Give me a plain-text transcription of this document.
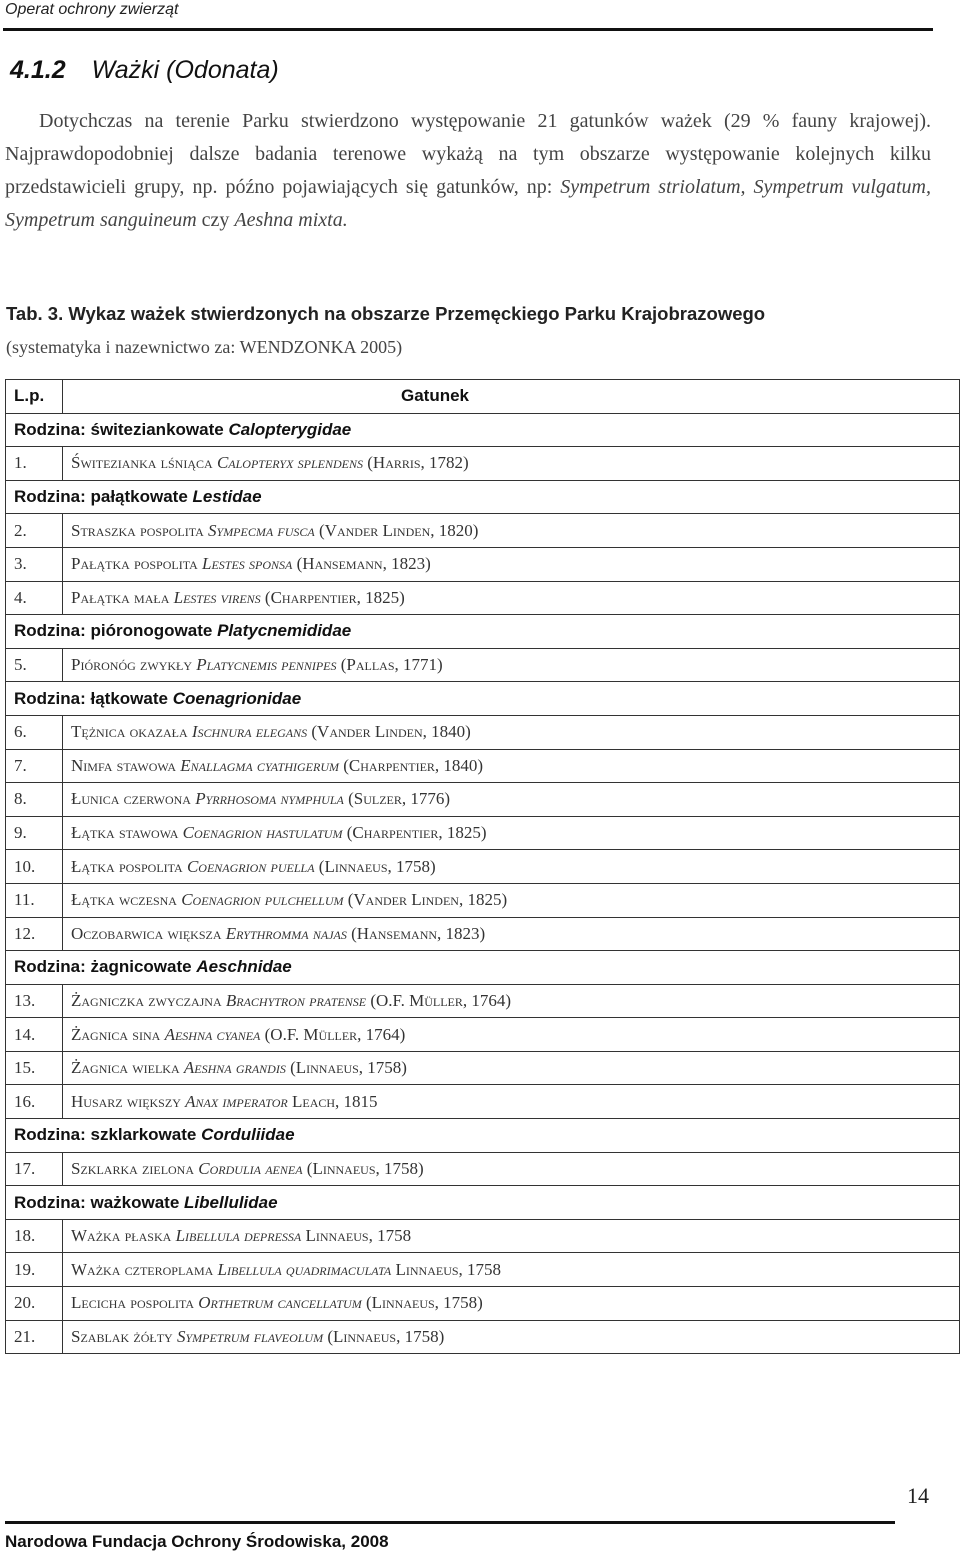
Operat ochrony zwierząt
4.1.2 Ważki (Odonata)
Dotychczas na terenie Parku stwierdzono występowanie 21 gatunków ważek (29 % fauny krajowej). Najprawdopodobniej dalsze badania terenowe wykażą na tym obszarze występowanie kolejnych kilku przedstawicieli grupy, np. późno pojawiających się gatunków, np: Sympetrum striolatum, Sympetrum vulgatum, Sympetrum sanguineum czy Aeshna mixta.
Tab. 3. Wykaz ważek stwierdzonych na obszarze Przemęckiego Parku Krajobrazowego
(systematyka i nazewnictwo za: WENDZONKA 2005)
L.p.	Gatunek
Rodzina: świteziankowate Calopterygidae	
1.	Świtezianka lśniąca Calopteryx splendens (Harris, 1782)
Rodzina: pałątkowate Lestidae	
2.	Straszka pospolita Sympecma fusca (Vander Linden, 1820)
3.	Pałątka pospolita Lestes sponsa (Hansemann, 1823)
4.	Pałątka mała Lestes virens (Charpentier, 1825)
Rodzina: pióronogowate Platycnemididae	
5.	Pióronóg zwykły Platycnemis pennipes (Pallas, 1771)
Rodzina: łątkowate Coenagrionidae	
6.	Tężnica okazała Ischnura elegans (Vander Linden, 1840)
7.	Nimfa stawowa Enallagma cyathigerum (Charpentier, 1840)
8.	Łunica czerwona Pyrrhosoma nymphula (Sulzer, 1776)
9.	Łątka stawowa Coenagrion hastulatum (Charpentier, 1825)
10.	Łątka pospolita Coenagrion puella (Linnaeus, 1758)
11.	Łątka wczesna Coenagrion pulchellum (Vander Linden, 1825)
12.	Oczobarwica większa Erythromma najas (Hansemann, 1823)
Rodzina: żagnicowate Aeschnidae	
13.	Żagniczka zwyczajna Brachytron pratense (O.F. Müller, 1764)
14.	Żagnica sina Aeshna cyanea (O.F. Müller, 1764)
15.	Żagnica wielka Aeshna grandis (Linnaeus, 1758)
16.	Husarz większy Anax imperator Leach, 1815
Rodzina: szklarkowate Corduliidae	
17.	Szklarka zielona Cordulia aenea (Linnaeus, 1758)
Rodzina: ważkowate Libellulidae	
18.	Ważka płaska Libellula depressa Linnaeus, 1758
19.	Ważka czteroplama Libellula quadrimaculata Linnaeus, 1758
20.	Lecicha pospolita Orthetrum cancellatum (Linnaeus, 1758)
21.	Szablak żółty Sympetrum flaveolum (Linnaeus, 1758)
14
Narodowa Fundacja Ochrony Środowiska, 2008
